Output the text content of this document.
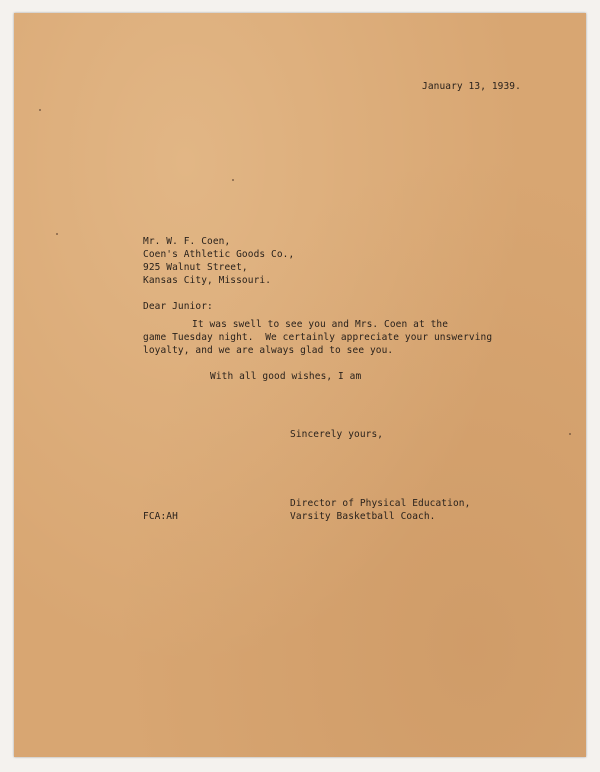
January 13, 1939.
Mr. W. F. Coen,
Coen's Athletic Goods Co.,
925 Walnut Street,
Kansas City, Missouri.
Dear Junior:
It was swell to see you and Mrs. Coen at the
game Tuesday night.  We certainly appreciate your unswerving
loyalty, and we are always glad to see you.
With all good wishes, I am
Sincerely yours,
Director of Physical Education,
Varsity Basketball Coach.
FCA:AH
